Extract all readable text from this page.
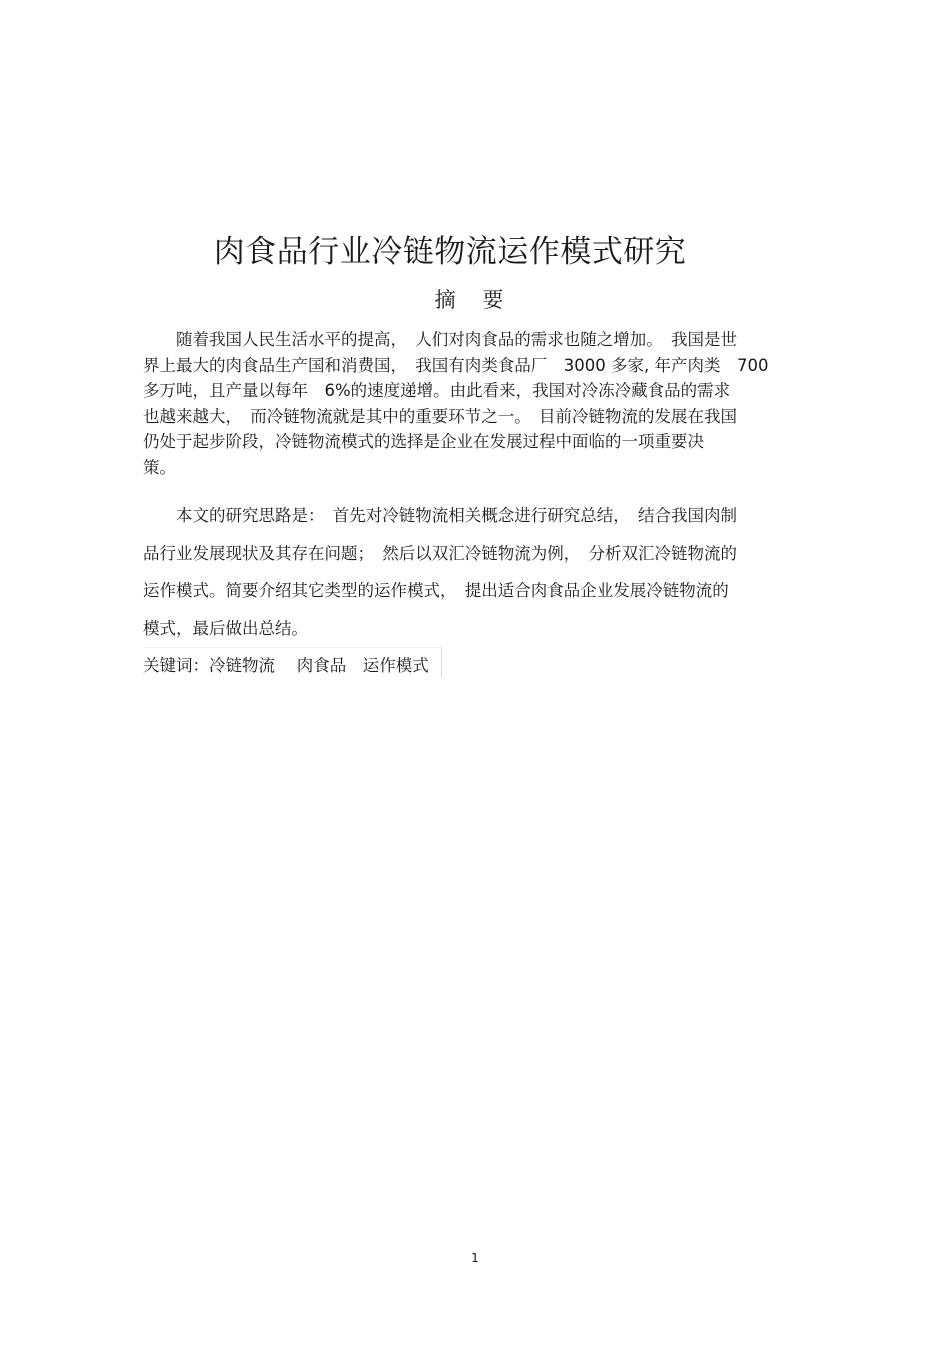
肉食品行业冷链物流运作模式研究
摘 要
　　随着我国人民生活水平的提高，　人们对肉食品的需求也随之增加。　我国是世
界上最大的肉食品生产国和消费国，　我国有肉类食品厂　3000 多家, 年产肉类　700
多万吨，且产量以每年　6%的速度递增。由此看来，我国对冷冻冷藏食品的需求
也越来越大，　而冷链物流就是其中的重要环节之一。　目前冷链物流的发展在我国
仍处于起步阶段，冷链物流模式的选择是企业在发展过程中面临的一项重要决
策。
　　本文的研究思路是：　首先对冷链物流相关概念进行研究总结，　结合我国肉制
品行业发展现状及其存在问题；　然后以双汇冷链物流为例，　分析双汇冷链物流的
运作模式。简要介绍其它类型的运作模式，　提出适合肉食品企业发展冷链物流的
模式，最后做出总结。
关键词：冷链物流　 肉食品　运作模式
1
